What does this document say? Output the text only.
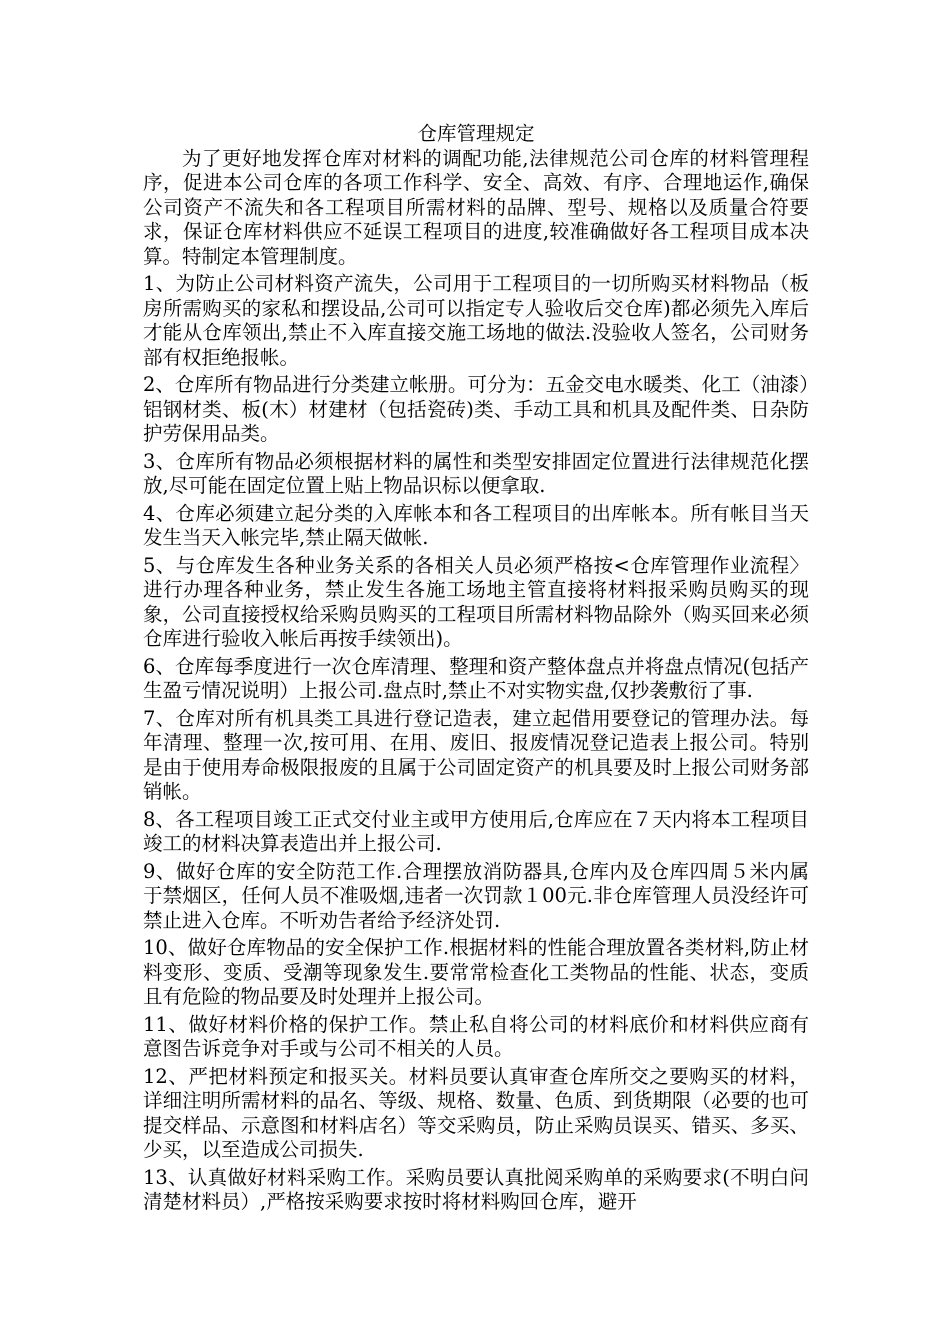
仓库管理规定

为了更好地发挥仓库对材料的调配功能,法律规范公司仓库的材料管理程序，促进本公司仓库的各项工作科学、安全、高效、有序、合理地运作,确保公司资产不流失和各工程项目所需材料的品牌、型号、规格以及质量合符要求，保证仓库材料供应不延误工程项目的进度,较准确做好各工程项目成本决算。特制定本管理制度。

1、为防止公司材料资产流失，公司用于工程项目的一切所购买材料物品（板房所需购买的家私和摆设品,公司可以指定专人验收后交仓库)都必须先入库后才能从仓库领出,禁止不入库直接交施工场地的做法.没验收人签名，公司财务部有权拒绝报帐。

2、仓库所有物品进行分类建立帐册。可分为：五金交电水暖类、化工（油漆）铝钢材类、板(木）材建材（包括瓷砖)类、手动工具和机具及配件类、日杂防护劳保用品类。

3、仓库所有物品必须根据材料的属性和类型安排固定位置进行法律规范化摆放,尽可能在固定位置上贴上物品识标以便拿取.

4、仓库必须建立起分类的入库帐本和各工程项目的出库帐本。所有帐目当天发生当天入帐完毕,禁止隔天做帐.

5、与仓库发生各种业务关系的各相关人员必须严格按<仓库管理作业流程〉进行办理各种业务，禁止发生各施工场地主管直接将材料报采购员购买的现象，公司直接授权给采购员购买的工程项目所需材料物品除外（购买回来必须仓库进行验收入帐后再按手续领出)。

6、仓库每季度进行一次仓库清理、整理和资产整体盘点并将盘点情况(包括产生盈亏情况说明）上报公司.盘点时,禁止不对实物实盘,仅抄袭敷衍了事.

7、仓库对所有机具类工具进行登记造表，建立起借用要登记的管理办法。每年清理、整理一次,按可用、在用、废旧、报废情况登记造表上报公司。特别是由于使用寿命极限报废的且属于公司固定资产的机具要及时上报公司财务部销帐。

8、各工程项目竣工正式交付业主或甲方使用后,仓库应在７天内将本工程项目竣工的材料决算表造出并上报公司.

9、做好仓库的安全防范工作.合理摆放消防器具,仓库内及仓库四周５米内属于禁烟区，任何人员不准吸烟,违者一次罚款１00元.非仓库管理人员没经许可禁止进入仓库。不听劝告者给予经济处罚.

10、做好仓库物品的安全保护工作.根据材料的性能合理放置各类材料,防止材料变形、变质、受潮等现象发生.要常常检查化工类物品的性能、状态，变质且有危险的物品要及时处理并上报公司。

11、做好材料价格的保护工作。禁止私自将公司的材料底价和材料供应商有意图告诉竞争对手或与公司不相关的人员。

12、严把材料预定和报买关。材料员要认真审查仓库所交之要购买的材料，详细注明所需材料的品名、等级、规格、数量、色质、到货期限（必要的也可提交样品、示意图和材料店名）等交采购员，防止采购员误买、错买、多买、少买，以至造成公司损失.

13、认真做好材料采购工作。采购员要认真批阅采购单的采购要求(不明白问清楚材料员）,严格按采购要求按时将材料购回仓库，避开
